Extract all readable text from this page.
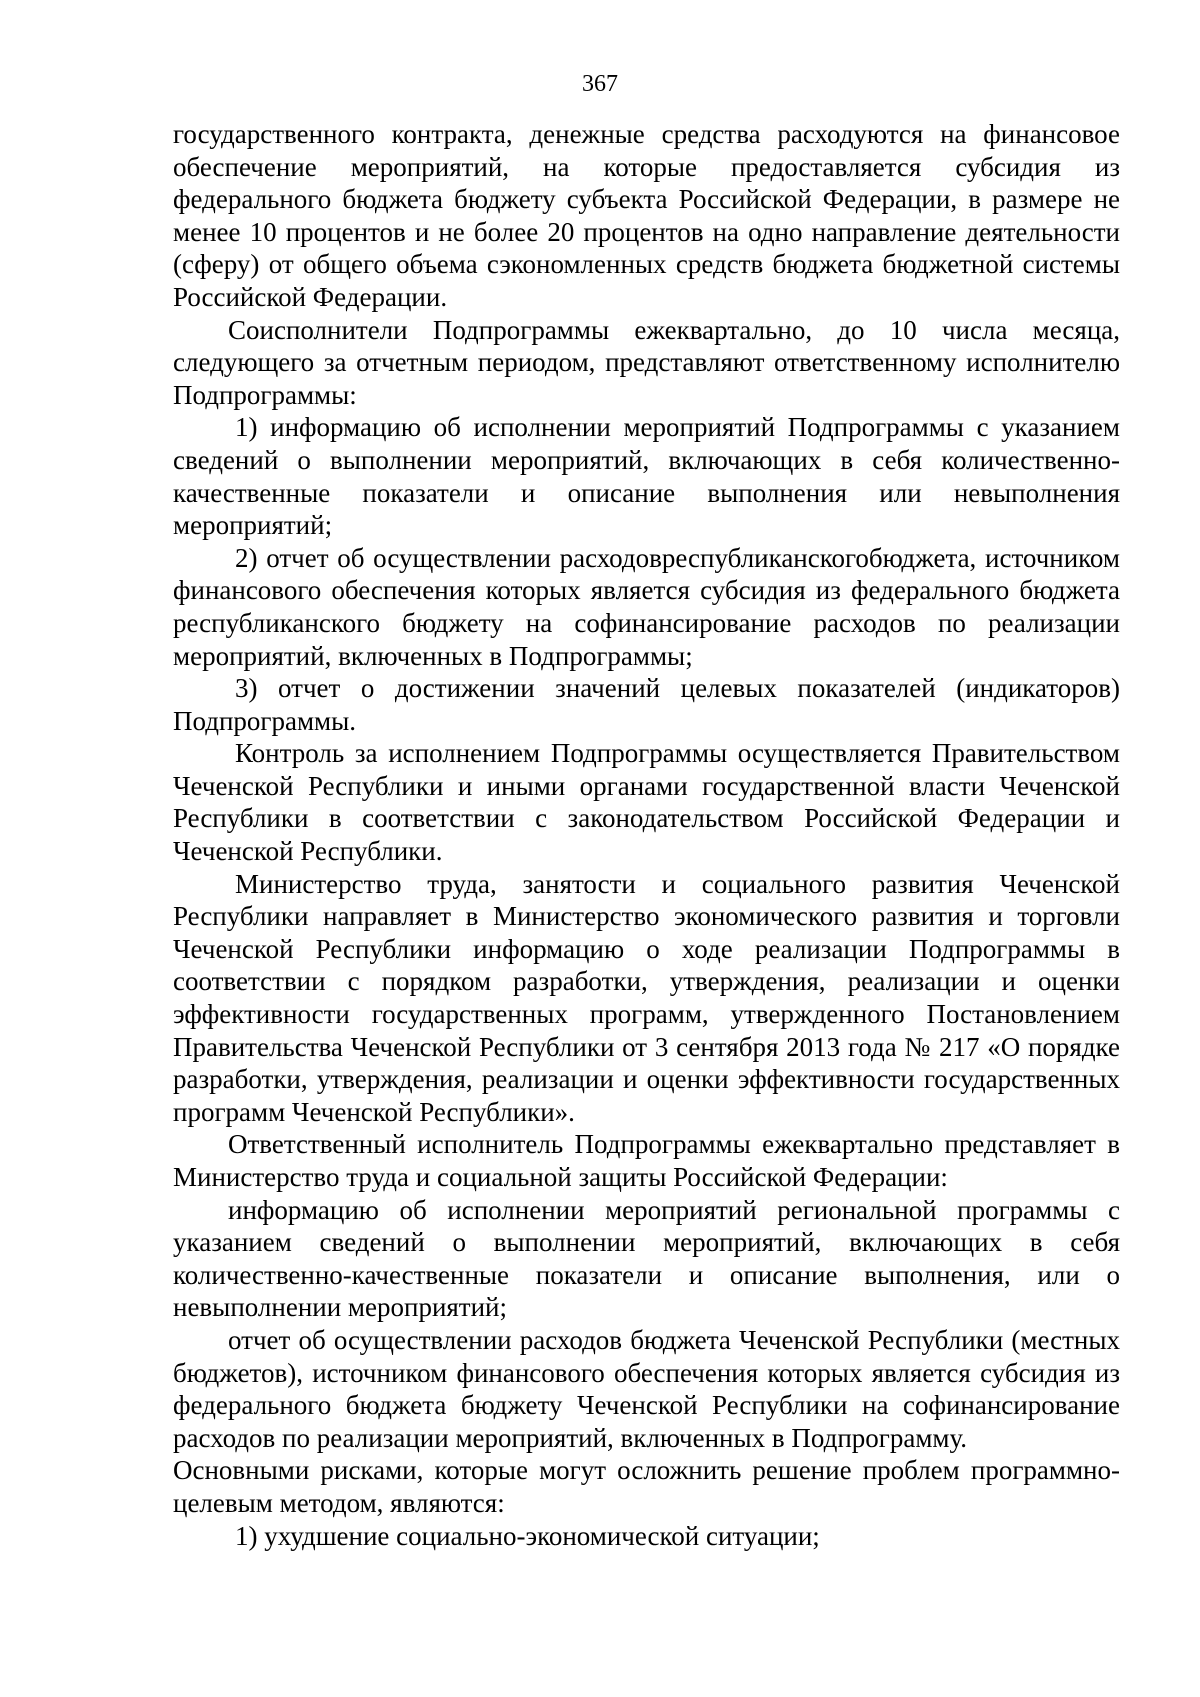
367

государственного контракта, денежные средства расходуются на финансовое обеспечение мероприятий, на которые предоставляется субсидия из федерального бюджета бюджету субъекта Российской Федерации, в размере не менее 10 процентов и не более 20 процентов на одно направление деятельности (сферу) от общего объема сэкономленных средств бюджета бюджетной системы Российской Федерации.

Соисполнители Подпрограммы ежеквартально, до 10 числа месяца, следующего за отчетным периодом, представляют ответственному исполнителю Подпрограммы:

1) информацию об исполнении мероприятий Подпрограммы с указанием сведений о выполнении мероприятий, включающих в себя количественно-качественные показатели и описание выполнения или невыполнения мероприятий;

2) отчет об осуществлении расходовреспубликанскогобюджета, источником финансового обеспечения которых является субсидия из федерального бюджета республиканского бюджету на софинансирование расходов по реализации мероприятий, включенных в Подпрограммы;

3) отчет о достижении значений целевых показателей (индикаторов) Подпрограммы.

Контроль за исполнением Подпрограммы осуществляется Правительством Чеченской Республики и иными органами государственной власти Чеченской Республики в соответствии с законодательством Российской Федерации и Чеченской Республики.

Министерство труда, занятости и социального развития Чеченской Республики направляет в Министерство экономического развития и торговли Чеченской Республики информацию о ходе реализации Подпрограммы в соответствии с порядком разработки, утверждения, реализации и оценки эффективности государственных программ, утвержденного Постановлением Правительства Чеченской Республики от 3 сентября 2013 года № 217 «О порядке разработки, утверждения, реализации и оценки эффективности государственных программ Чеченской Республики».

Ответственный исполнитель Подпрограммы ежеквартально представляет в Министерство труда и социальной защиты Российской Федерации:

информацию об исполнении мероприятий региональной программы с указанием сведений о выполнении мероприятий, включающих в себя количественно-качественные показатели и описание выполнения, или о невыполнении мероприятий;

отчет об осуществлении расходов бюджета Чеченской Республики (местных бюджетов), источником финансового обеспечения которых является субсидия из федерального бюджета бюджету Чеченской Республики на софинансирование расходов по реализации мероприятий, включенных в Подпрограмму.

Основными рисками, которые могут осложнить решение проблем программно-целевым методом, являются:

1) ухудшение социально-экономической ситуации;
